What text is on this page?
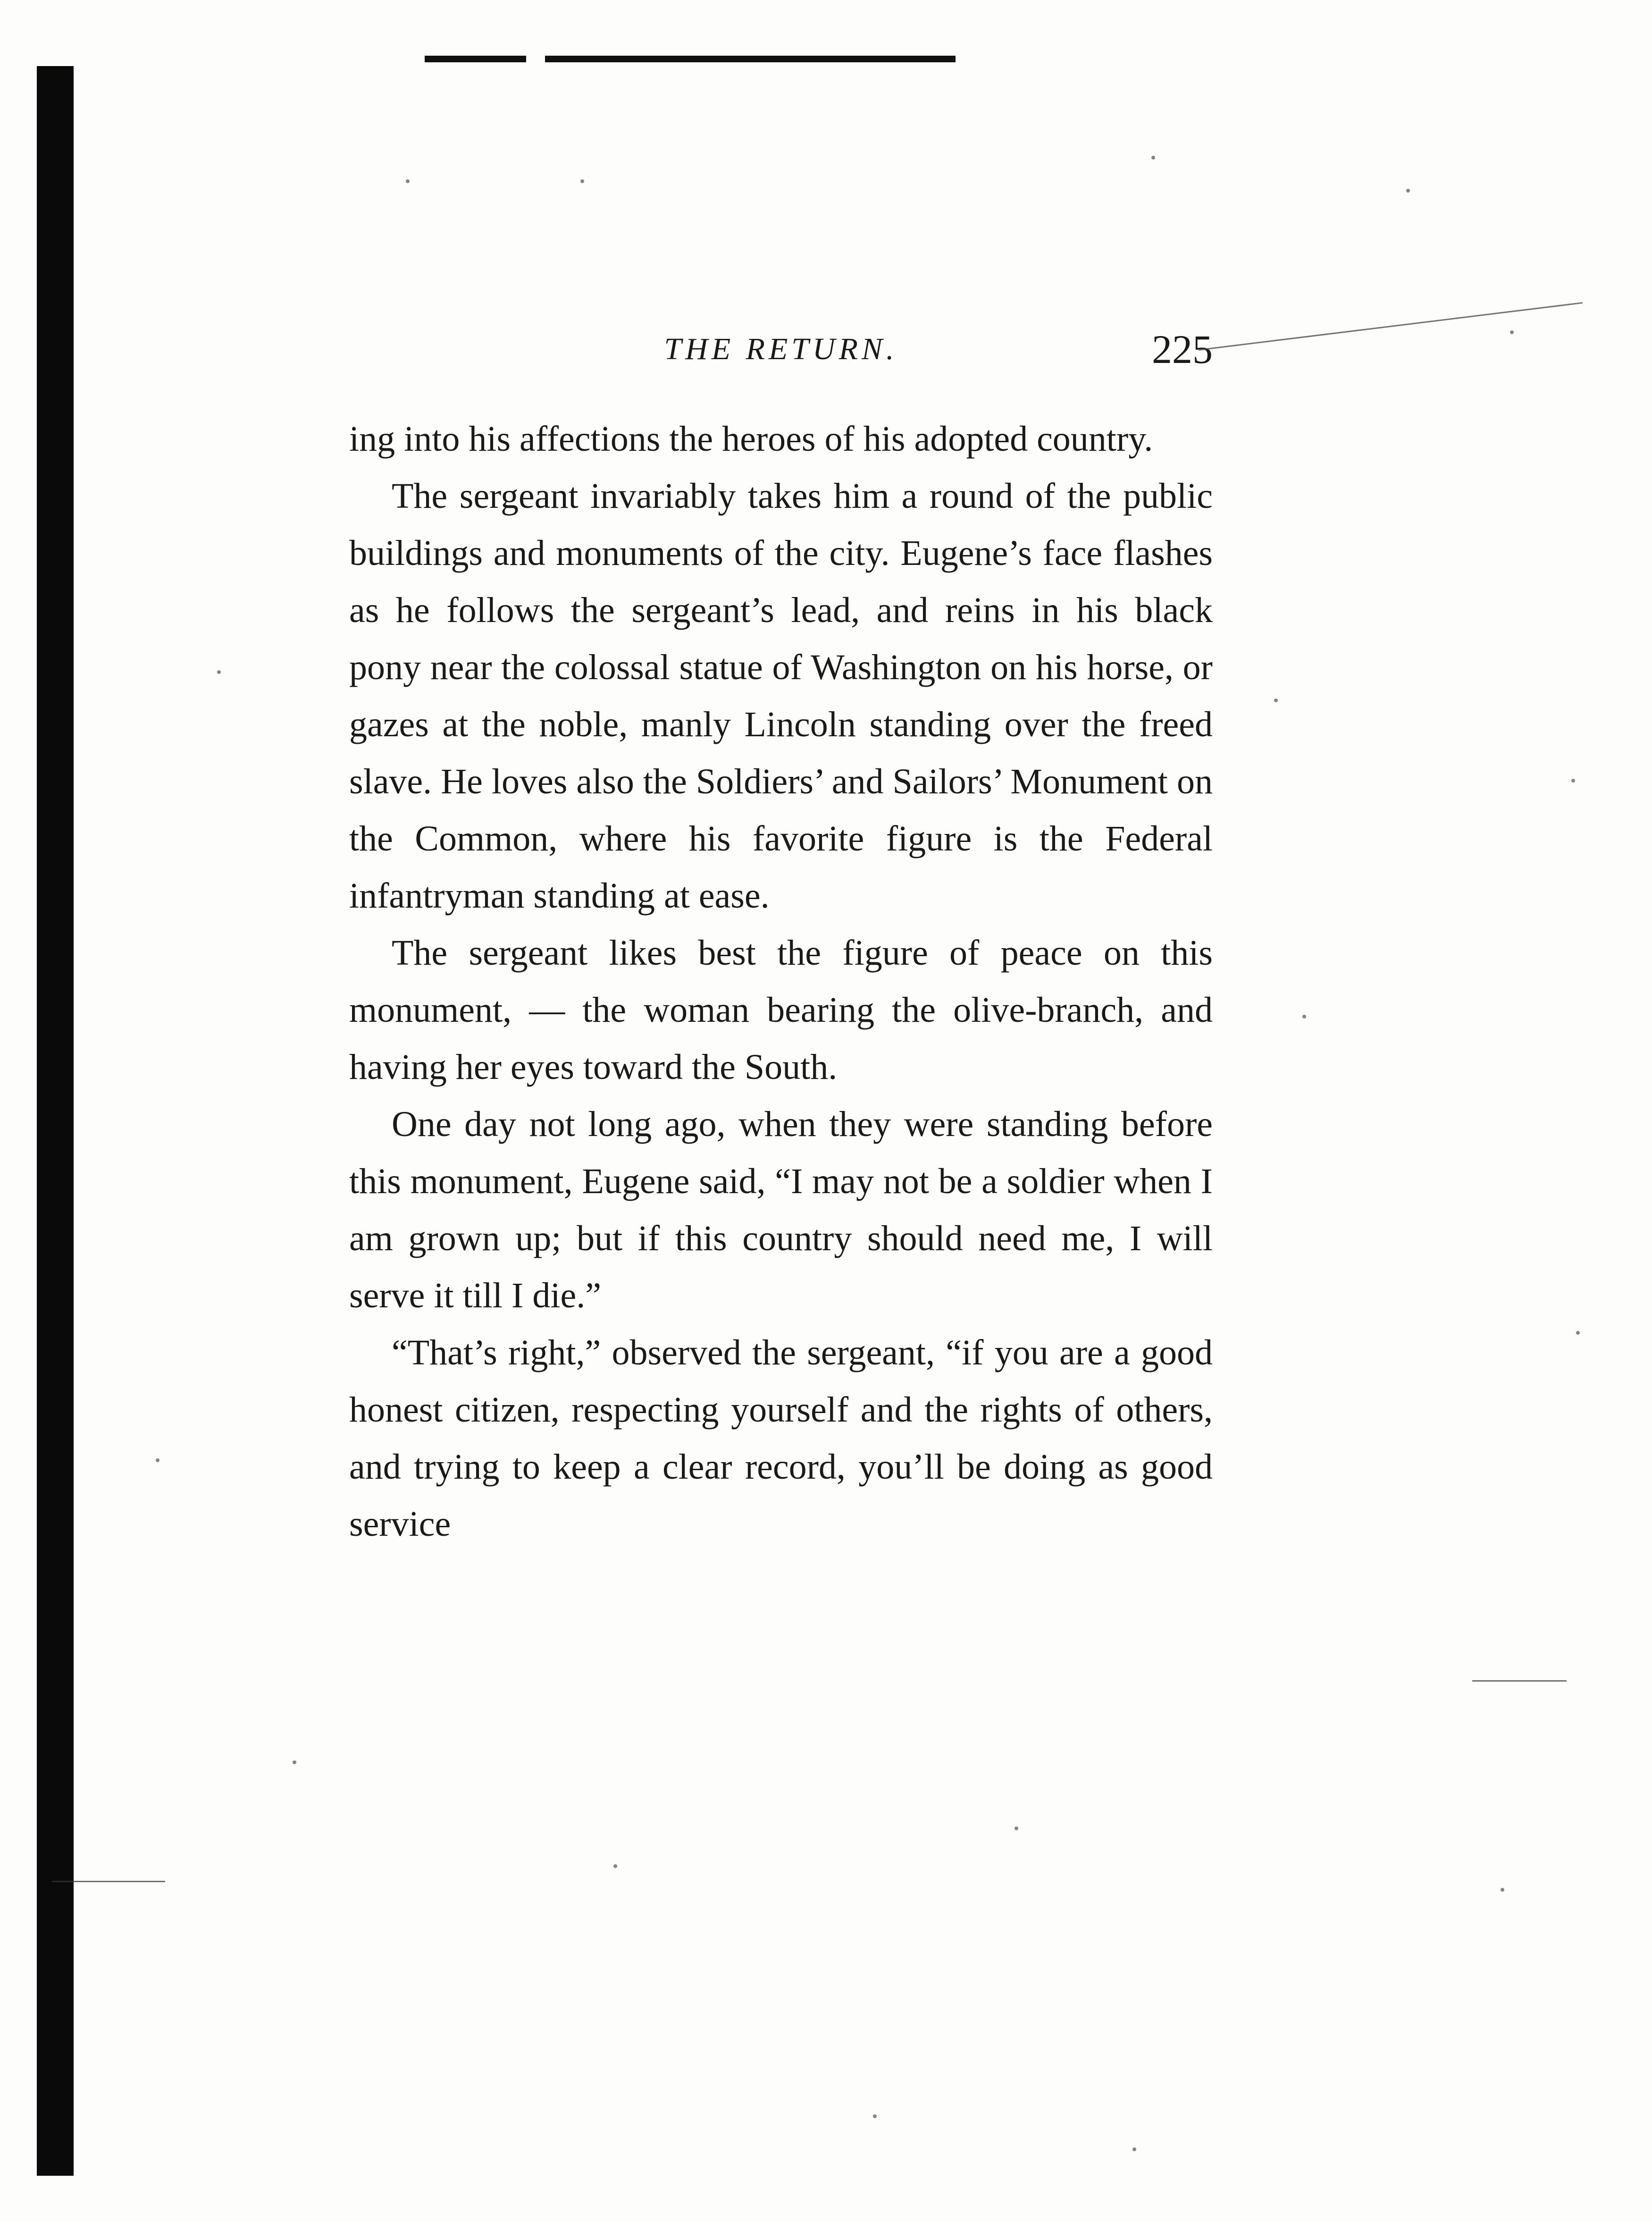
THE RETURN.	225

ing into his affections the heroes of his adopted country.

The sergeant invariably takes him a round of the public buildings and monuments of the city. Eugene’s face flashes as he follows the sergeant’s lead, and reins in his black pony near the colossal statue of Washington on his horse, or gazes at the noble, manly Lincoln standing over the freed slave. He loves also the Soldiers’ and Sailors’ Monument on the Common, where his favorite figure is the Federal infantryman standing at ease.

The sergeant likes best the figure of peace on this monument, — the woman bearing the olive-branch, and having her eyes toward the South.

One day not long ago, when they were standing before this monument, Eugene said, “I may not be a soldier when I am grown up; but if this country should need me, I will serve it till I die.”

“That’s right,” observed the sergeant, “if you are a good honest citizen, respecting yourself and the rights of others, and trying to keep a clear record, you’ll be doing as good service
